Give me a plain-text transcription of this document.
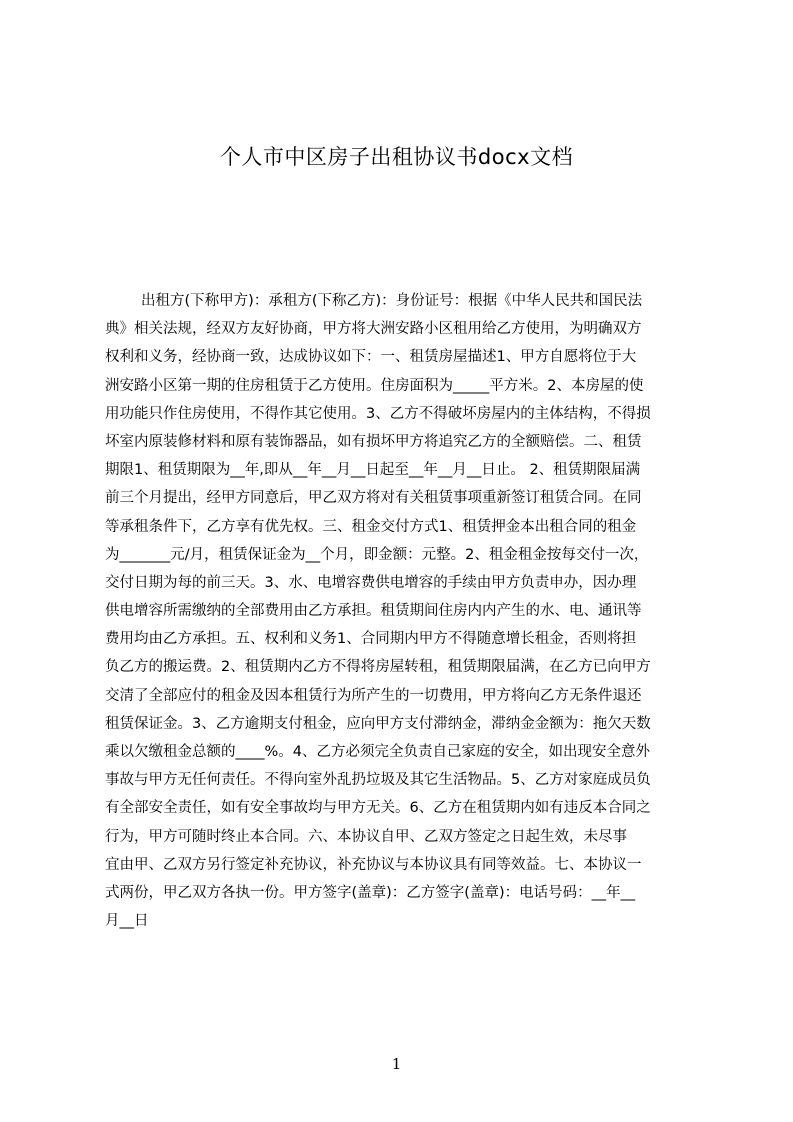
个人市中区房子出租协议书docx文档
出租方(下称甲方)：承租方(下称乙方)：身份证号：根据《中华人民共和国民法
典》相关法规，经双方友好协商，甲方将大洲安路小区租用给乙方使用，为明确双方
权利和义务，经协商一致，达成协议如下：一、租赁房屋描述1、甲方自愿将位于大
洲安路小区第一期的住房租赁于乙方使用。住房面积为_____平方米。2、本房屋的使
用功能只作住房使用，不得作其它使用。3、乙方不得破坏房屋内的主体结构，不得损
坏室内原装修材料和原有装饰器品，如有损坏甲方将追究乙方的全额赔偿。二、租赁
期限1、租赁期限为__年,即从__年__月__日起至__年__月__日止。 2、租赁期限届满
前三个月提出，经甲方同意后，甲乙双方将对有关租赁事项重新签订租赁合同。在同
等承租条件下，乙方享有优先权。三、租金交付方式1、租赁押金本出租合同的租金
为_______元/月，租赁保证金为__个月，即金额：元整。2、租金租金按每交付一次，
交付日期为每的前三天。3、水、电增容费供电增容的手续由甲方负责申办，因办理
供电增容所需缴纳的全部费用由乙方承担。租赁期间住房内内产生的水、电、通讯等
费用均由乙方承担。五、权利和义务1、合同期内甲方不得随意增长租金，否则将担
负乙方的搬运费。2、租赁期内乙方不得将房屋转租，租赁期限届满，在乙方已向甲方
交清了全部应付的租金及因本租赁行为所产生的一切费用，甲方将向乙方无条件退还
租赁保证金。3、乙方逾期支付租金，应向甲方支付滞纳金，滞纳金金额为：拖欠天数
乘以欠缴租金总额的____%。4、乙方必须完全负责自己家庭的安全，如出现安全意外
事故与甲方无任何责任。不得向室外乱扔垃圾及其它生活物品。5、乙方对家庭成员负
有全部安全责任，如有安全事故均与甲方无关。6、乙方在租赁期内如有违反本合同之
行为，甲方可随时终止本合同。六、本协议自甲、乙双方签定之日起生效，未尽事
宜由甲、乙双方另行签定补充协议，补充协议与本协议具有同等效益。七、本协议一
式两份，甲乙双方各执一份。甲方签字(盖章)：乙方签字(盖章)：电话号码：__年__
月__日
1
